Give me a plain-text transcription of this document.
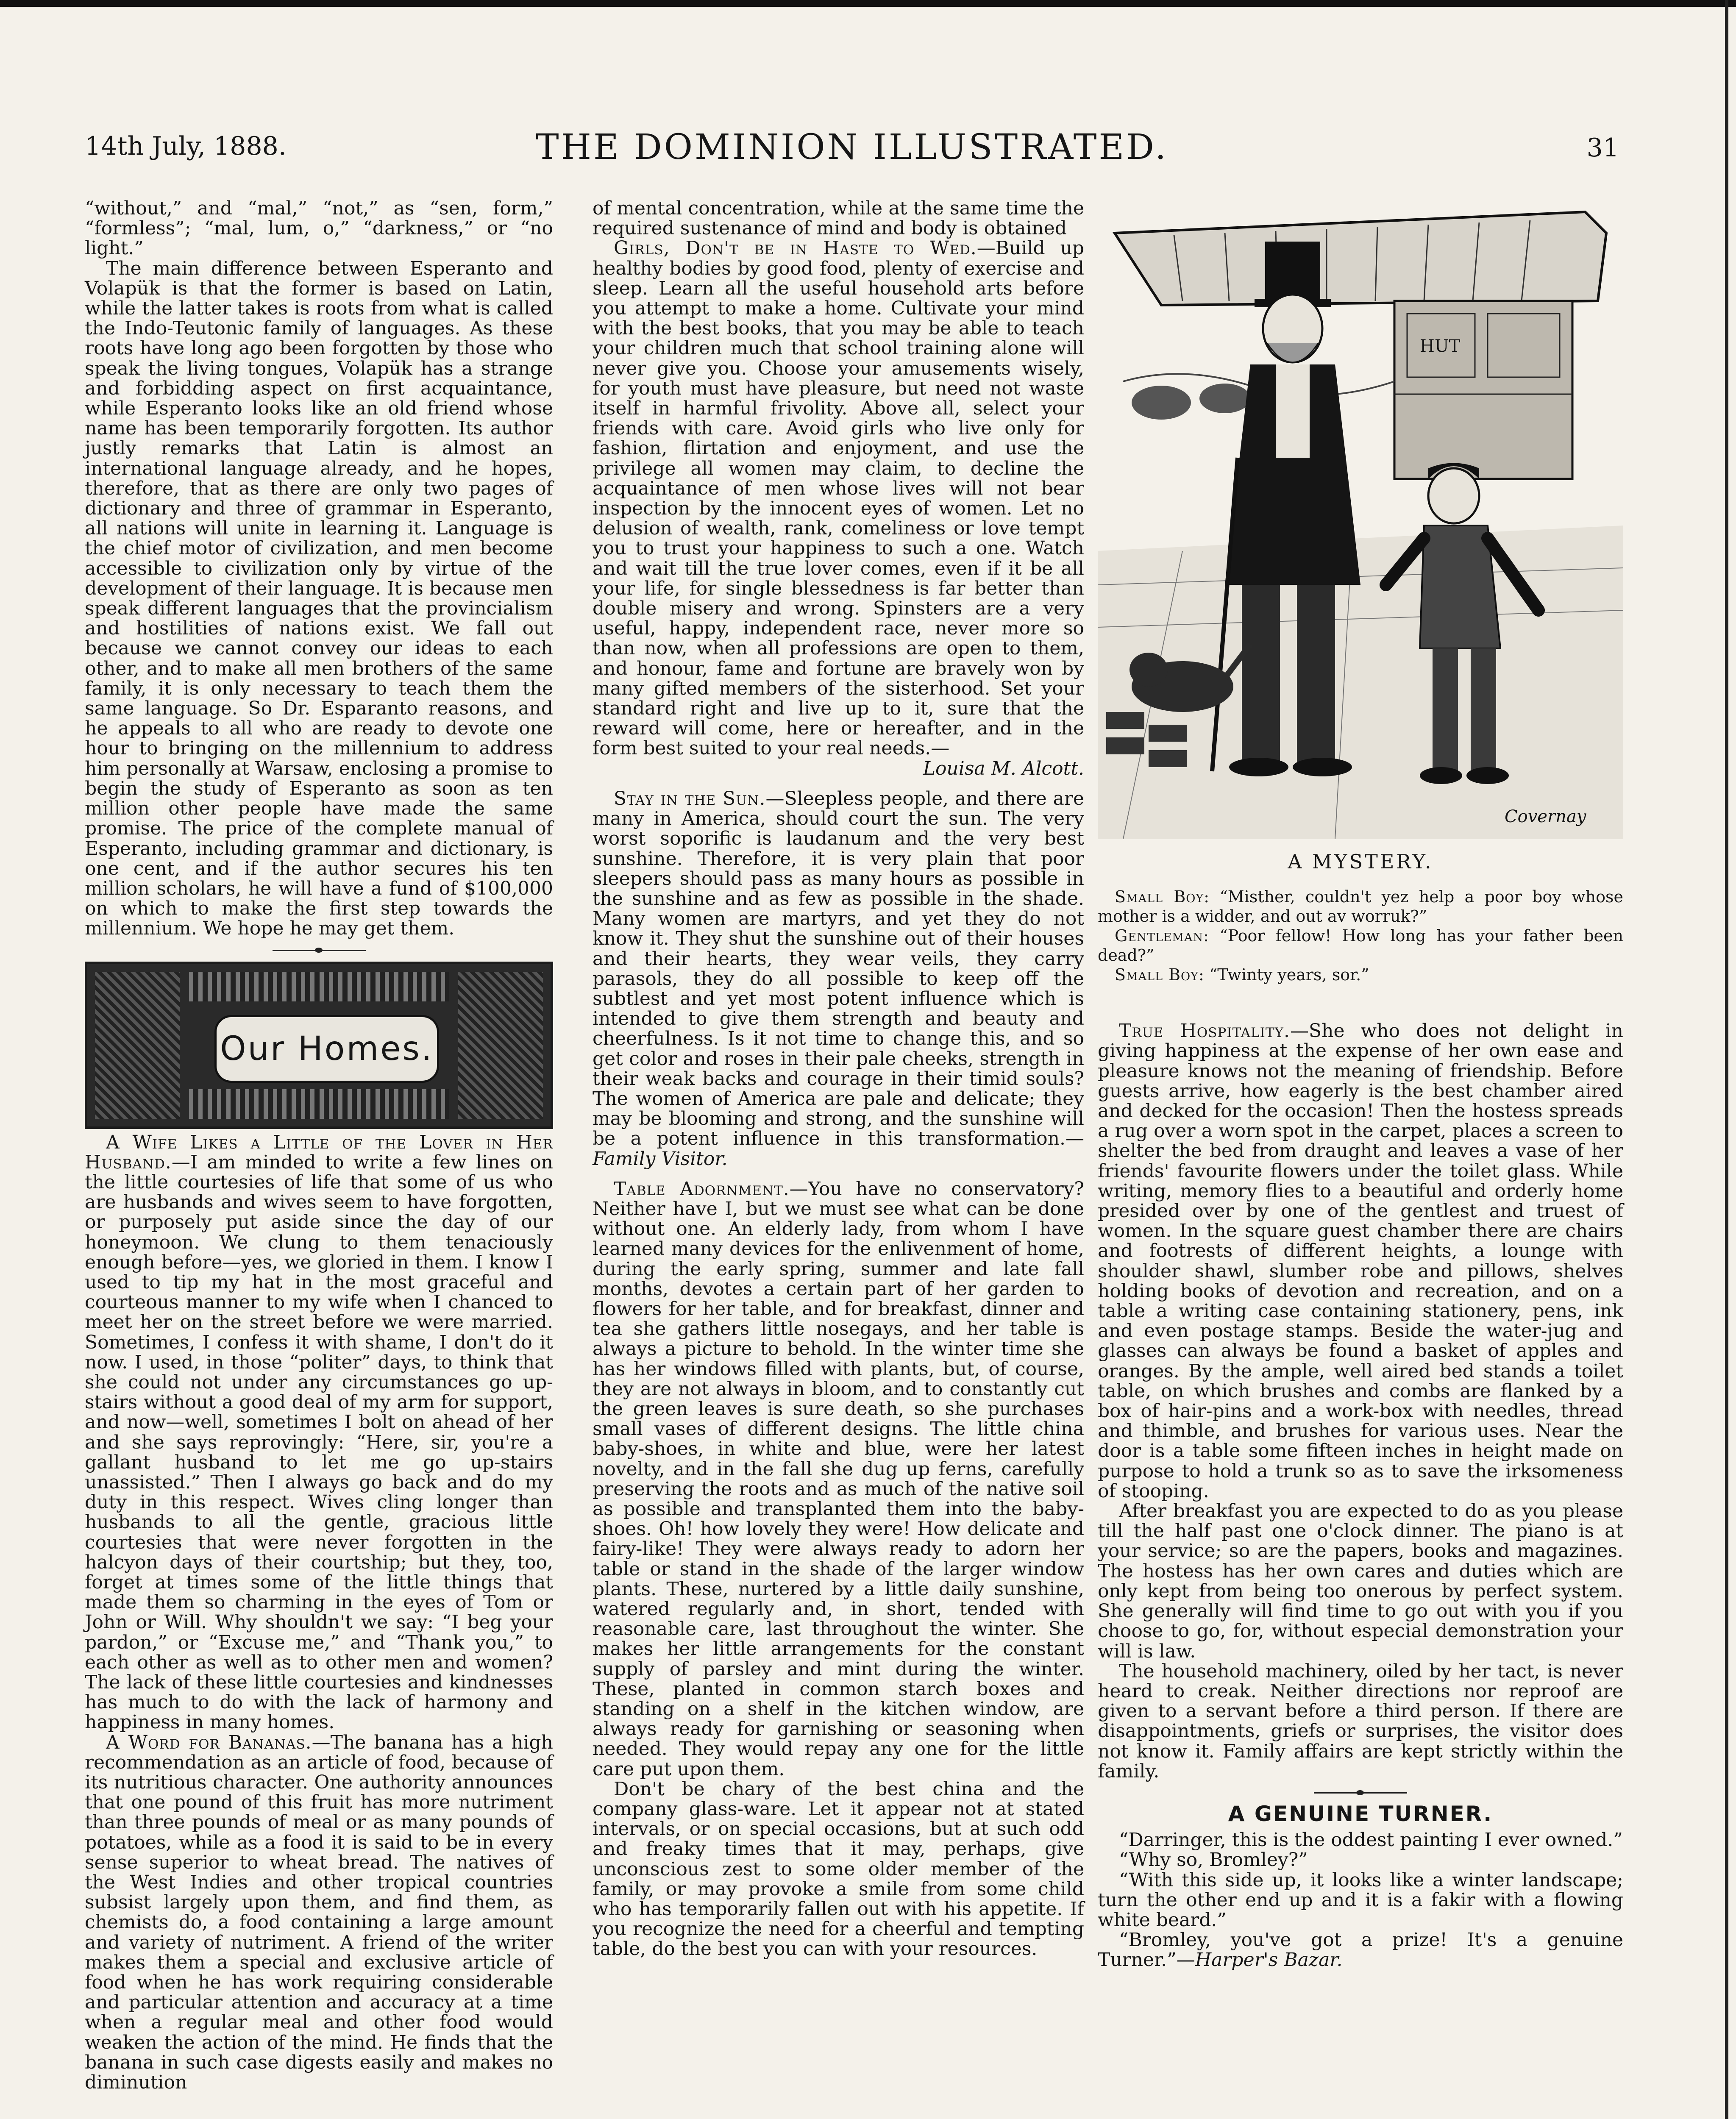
14th July, 1888.	THE DOMINION ILLUSTRATED.	31

“without,” and “mal,” “not,” as “sen, form,” “formless”; “mal, lum, o,” “darkness,” or “no light.”

The main difference between Esperanto and Volapük is that the former is based on Latin, while the latter takes is roots from what is called the Indo-Teutonic family of languages. As these roots have long ago been forgotten by those who speak the living tongues, Volapük has a strange and forbidding aspect on first acquaintance, while Esperanto looks like an old friend whose name has been temporarily forgotten. Its author justly remarks that Latin is almost an international language already, and he hopes, therefore, that as there are only two pages of dictionary and three of grammar in Esperanto, all nations will unite in learning it. Language is the chief motor of civilization, and men become accessible to civilization only by virtue of the development of their language. It is because men speak different languages that the provincialism and hostilities of nations exist. We fall out because we cannot convey our ideas to each other, and to make all men brothers of the same family, it is only necessary to teach them the same language. So Dr. Esparanto reasons, and he appeals to all who are ready to devote one hour to bringing on the millennium to address him personally at Warsaw, enclosing a promise to begin the study of Esperanto as soon as ten million other people have made the same promise. The price of the complete manual of Esperanto, including grammar and dictionary, is one cent, and if the author secures his ten million scholars, he will have a fund of $100,000 on which to make the first step towards the millennium. We hope he may get them.

Our Homes.

A Wife Likes a Little of the Lover in Her Husband.—I am minded to write a few lines on the little courtesies of life that some of us who are husbands and wives seem to have forgotten, or purposely put aside since the day of our honeymoon. We clung to them tenaciously enough before—yes, we gloried in them. I know I used to tip my hat in the most graceful and courteous manner to my wife when I chanced to meet her on the street before we were married. Sometimes, I confess it with shame, I don't do it now. I used, in those “politer” days, to think that she could not under any circumstances go up-stairs without a good deal of my arm for support, and now—well, sometimes I bolt on ahead of her and she says reprovingly: “Here, sir, you're a gallant husband to let me go up-stairs unassisted.” Then I always go back and do my duty in this respect. Wives cling longer than husbands to all the gentle, gracious little courtesies that were never forgotten in the halcyon days of their courtship; but they, too, forget at times some of the little things that made them so charming in the eyes of Tom or John or Will. Why shouldn't we say: “I beg your pardon,” or “Excuse me,” and “Thank you,” to each other as well as to other men and women? The lack of these little courtesies and kindnesses has much to do with the lack of harmony and happiness in many homes.

A Word for Bananas.—The banana has a high recommendation as an article of food, because of its nutritious character. One authority announces that one pound of this fruit has more nutriment than three pounds of meal or as many pounds of potatoes, while as a food it is said to be in every sense superior to wheat bread. The natives of the West Indies and other tropical countries subsist largely upon them, and find them, as chemists do, a food containing a large amount and variety of nutriment. A friend of the writer makes them a special and exclusive article of food when he has work requiring considerable and particular attention and accuracy at a time when a regular meal and other food would weaken the action of the mind. He finds that the banana in such case digests easily and makes no diminution

of mental concentration, while at the same time the required sustenance of mind and body is obtained

Girls, Don't be in Haste to Wed.—Build up healthy bodies by good food, plenty of exercise and sleep. Learn all the useful household arts before you attempt to make a home. Cultivate your mind with the best books, that you may be able to teach your children much that school training alone will never give you. Choose your amusements wisely, for youth must have pleasure, but need not waste itself in harmful frivolity. Above all, select your friends with care. Avoid girls who live only for fashion, flirtation and enjoyment, and use the privilege all women may claim, to decline the acquaintance of men whose lives will not bear inspection by the innocent eyes of women. Let no delusion of wealth, rank, comeliness or love tempt you to trust your happiness to such a one. Watch and wait till the true lover comes, even if it be all your life, for single blessedness is far better than double misery and wrong. Spinsters are a very useful, happy, independent race, never more so than now, when all professions are open to them, and honour, fame and fortune are bravely won by many gifted members of the sisterhood. Set your standard right and live up to it, sure that the reward will come, here or hereafter, and in the form best suited to your real needs.—

Louisa M. Alcott.

Stay in the Sun.—Sleepless people, and there are many in America, should court the sun. The very worst soporific is laudanum and the very best sunshine. Therefore, it is very plain that poor sleepers should pass as many hours as possible in the sunshine and as few as possible in the shade. Many women are martyrs, and yet they do not know it. They shut the sunshine out of their houses and their hearts, they wear veils, they carry parasols, they do all possible to keep off the subtlest and yet most potent influence which is intended to give them strength and beauty and cheerfulness. Is it not time to change this, and so get color and roses in their pale cheeks, strength in their weak backs and courage in their timid souls? The women of America are pale and delicate; they may be blooming and strong, and the sunshine will be a potent influence in this transformation.—Family Visitor.

Table Adornment.—You have no conservatory? Neither have I, but we must see what can be done without one. An elderly lady, from whom I have learned many devices for the enlivenment of home, during the early spring, summer and late fall months, devotes a certain part of her garden to flowers for her table, and for breakfast, dinner and tea she gathers little nosegays, and her table is always a picture to behold. In the winter time she has her windows filled with plants, but, of course, they are not always in bloom, and to constantly cut the green leaves is sure death, so she purchases small vases of different designs. The little china baby-shoes, in white and blue, were her latest novelty, and in the fall she dug up ferns, carefully preserving the roots and as much of the native soil as possible and transplanted them into the baby-shoes. Oh! how lovely they were! How delicate and fairy-like! They were always ready to adorn her table or stand in the shade of the larger window plants. These, nurtered by a little daily sunshine, watered regularly and, in short, tended with reasonable care, last throughout the winter. She makes her little arrangements for the constant supply of parsley and mint during the winter. These, planted in common starch boxes and standing on a shelf in the kitchen window, are always ready for garnishing or seasoning when needed. They would repay any one for the little care put upon them.

Don't be chary of the best china and the company glass-ware. Let it appear not at stated intervals, or on special occasions, but at such odd and freaky times that it may, perhaps, give unconscious zest to some older member of the family, or may provoke a smile from some child who has temporarily fallen out with his appetite. If you recognize the need for a cheerful and tempting table, do the best you can with your resources.

HUT
Covernay
A MYSTERY.

Small Boy: “Misther, couldn't yez help a poor boy whose mother is a widder, and out av worruk?”

Gentleman: “Poor fellow! How long has your father been dead?”

Small Boy: “Twinty years, sor.”

True Hospitality.—She who does not delight in giving happiness at the expense of her own ease and pleasure knows not the meaning of friendship. Before guests arrive, how eagerly is the best chamber aired and decked for the occasion! Then the hostess spreads a rug over a worn spot in the carpet, places a screen to shelter the bed from draught and leaves a vase of her friends' favourite flowers under the toilet glass. While writing, memory flies to a beautiful and orderly home presided over by one of the gentlest and truest of women. In the square guest chamber there are chairs and footrests of different heights, a lounge with shoulder shawl, slumber robe and pillows, shelves holding books of devotion and recreation, and on a table a writing case containing stationery, pens, ink and even postage stamps. Beside the water-jug and glasses can always be found a basket of apples and oranges. By the ample, well aired bed stands a toilet table, on which brushes and combs are flanked by a box of hair-pins and a work-box with needles, thread and thimble, and brushes for various uses. Near the door is a table some fifteen inches in height made on purpose to hold a trunk so as to save the irksomeness of stooping.

After breakfast you are expected to do as you please till the half past one o'clock dinner. The piano is at your service; so are the papers, books and magazines. The hostess has her own cares and duties which are only kept from being too onerous by perfect system. She generally will find time to go out with you if you choose to go, for, without especial demonstration your will is law.

The household machinery, oiled by her tact, is never heard to creak. Neither directions nor reproof are given to a servant before a third person. If there are disappointments, griefs or surprises, the visitor does not know it. Family affairs are kept strictly within the family.

A GENUINE TURNER.

“Darringer, this is the oddest painting I ever owned.”

“Why so, Bromley?”

“With this side up, it looks like a winter landscape; turn the other end up and it is a fakir with a flowing white beard.”

“Bromley, you've got a prize! It's a genuine Turner.”—Harper's Bazar.
